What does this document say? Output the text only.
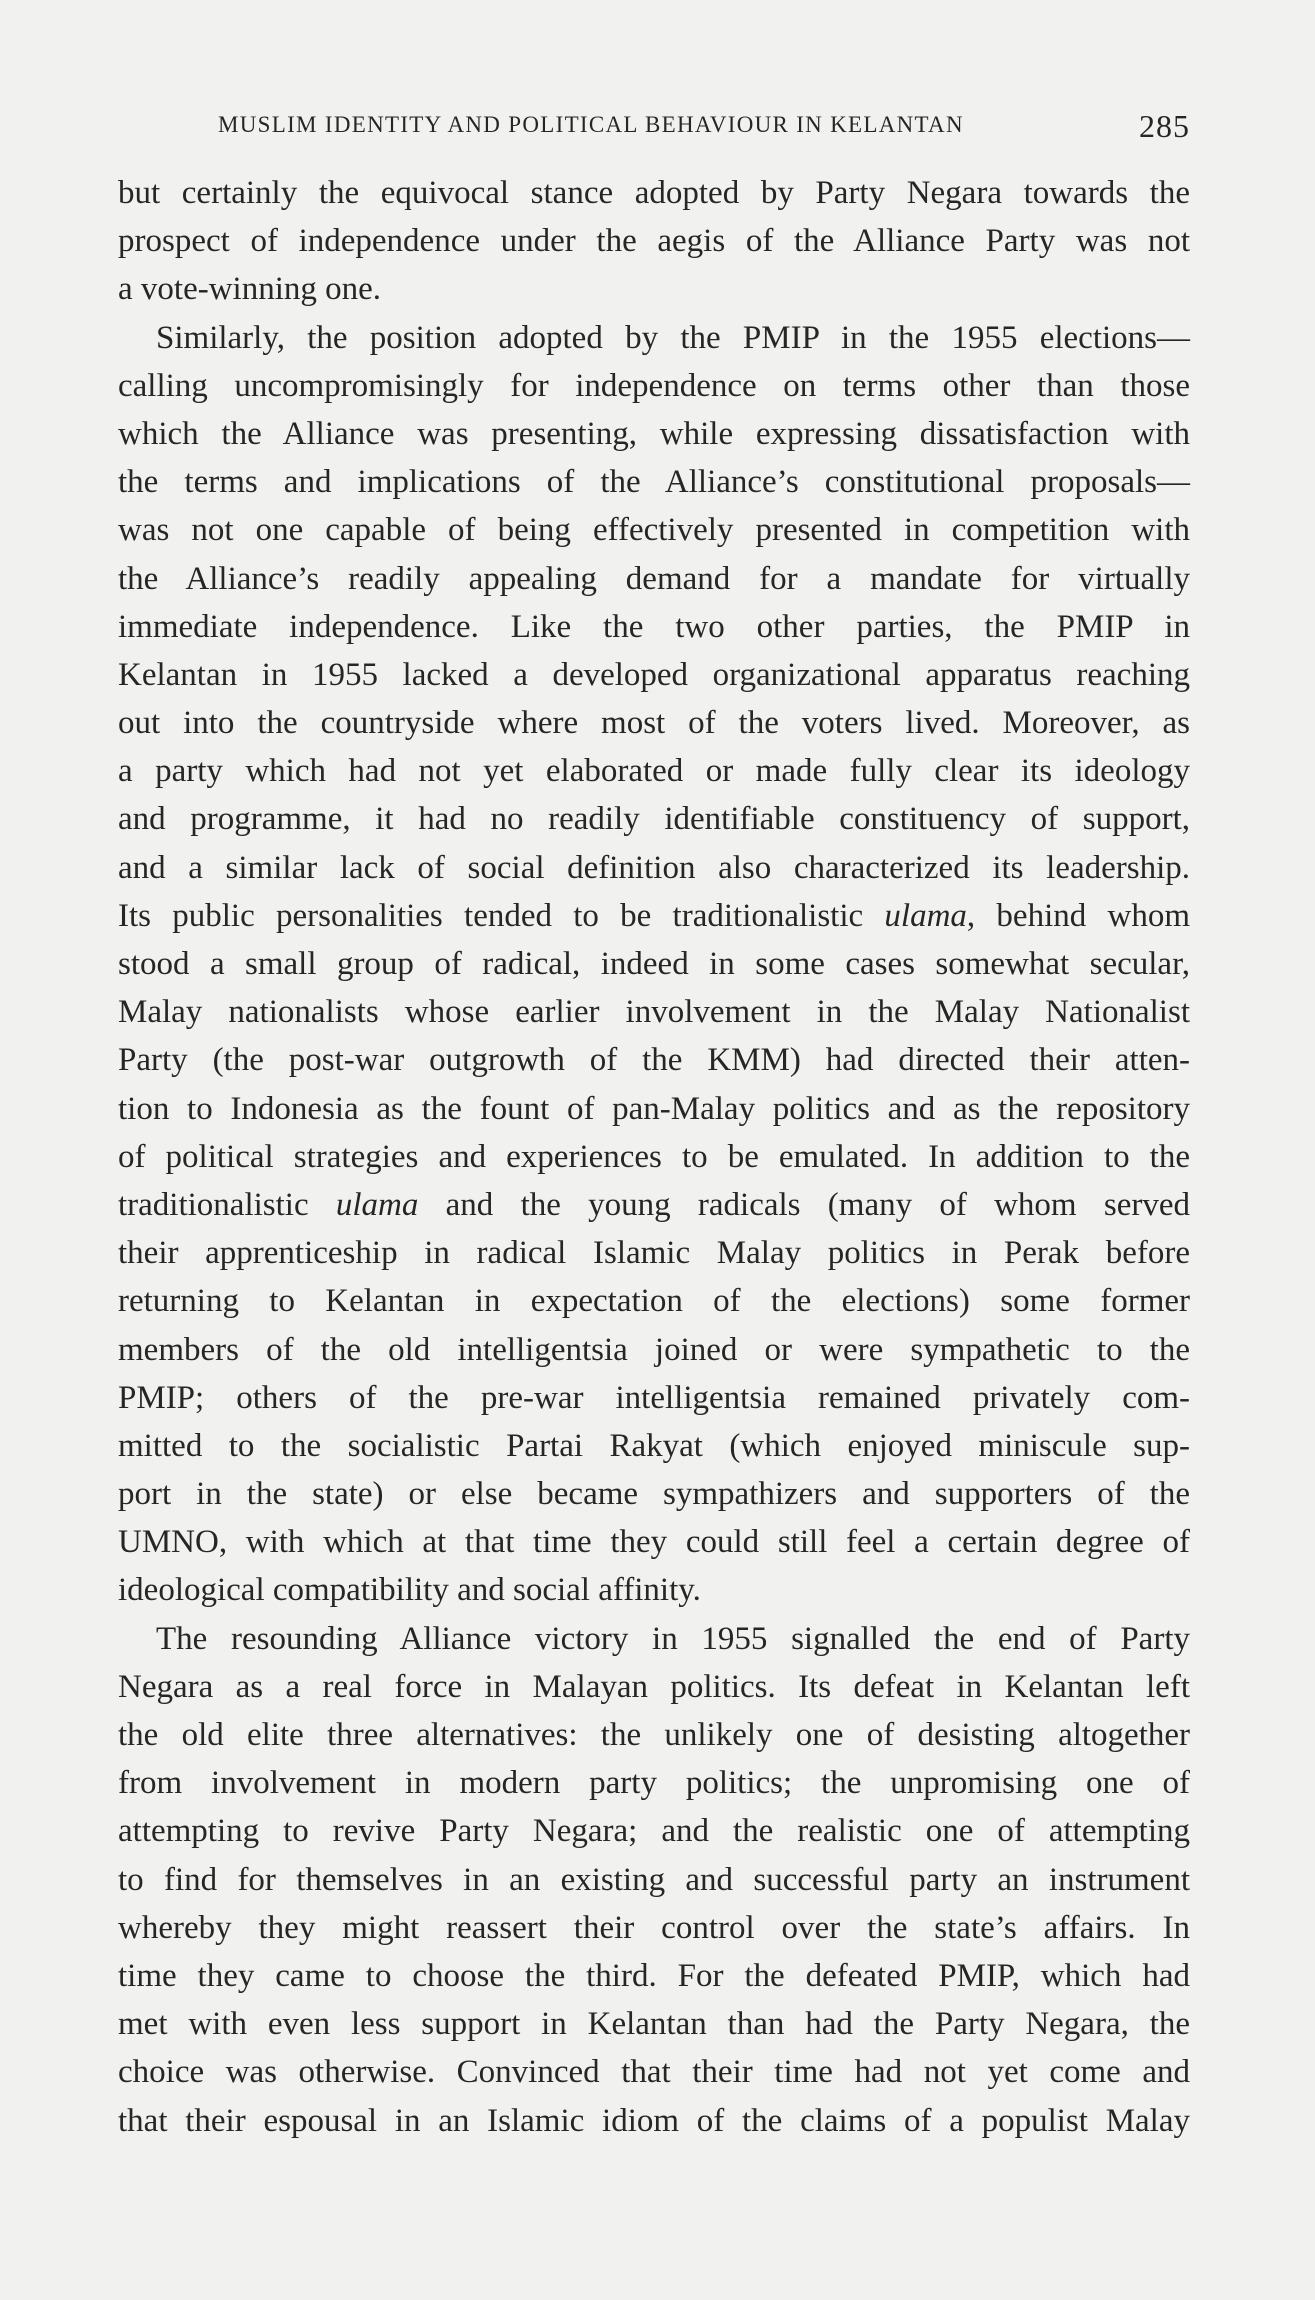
MUSLIM IDENTITY AND POLITICAL BEHAVIOUR IN KELANTAN	285
but certainly the equivocal stance adopted by Party Negara towards the
prospect of independence under the aegis of the Alliance Party was not
a vote-winning one.
Similarly, the position adopted by the PMIP in the 1955 elections—
calling uncompromisingly for independence on terms other than those
which the Alliance was presenting, while expressing dissatisfaction with
the terms and implications of the Alliance’s constitutional proposals—
was not one capable of being effectively presented in competition with
the Alliance’s readily appealing demand for a mandate for virtually
immediate independence. Like the two other parties, the PMIP in
Kelantan in 1955 lacked a developed organizational apparatus reaching
out into the countryside where most of the voters lived. Moreover, as
a party which had not yet elaborated or made fully clear its ideology
and programme, it had no readily identifiable constituency of support,
and a similar lack of social definition also characterized its leadership.
Its public personalities tended to be traditionalistic ulama, behind whom
stood a small group of radical, indeed in some cases somewhat secular,
Malay nationalists whose earlier involvement in the Malay Nationalist
Party (the post-war outgrowth of the KMM) had directed their atten-
tion to Indonesia as the fount of pan-Malay politics and as the repository
of political strategies and experiences to be emulated. In addition to the
traditionalistic ulama and the young radicals (many of whom served
their apprenticeship in radical Islamic Malay politics in Perak before
returning to Kelantan in expectation of the elections) some former
members of the old intelligentsia joined or were sympathetic to the
PMIP; others of the pre-war intelligentsia remained privately com-
mitted to the socialistic Partai Rakyat (which enjoyed miniscule sup-
port in the state) or else became sympathizers and supporters of the
UMNO, with which at that time they could still feel a certain degree of
ideological compatibility and social affinity.
The resounding Alliance victory in 1955 signalled the end of Party
Negara as a real force in Malayan politics. Its defeat in Kelantan left
the old elite three alternatives: the unlikely one of desisting altogether
from involvement in modern party politics; the unpromising one of
attempting to revive Party Negara; and the realistic one of attempting
to find for themselves in an existing and successful party an instrument
whereby they might reassert their control over the state’s affairs. In
time they came to choose the third. For the defeated PMIP, which had
met with even less support in Kelantan than had the Party Negara, the
choice was otherwise. Convinced that their time had not yet come and
that their espousal in an Islamic idiom of the claims of a populist Malay
